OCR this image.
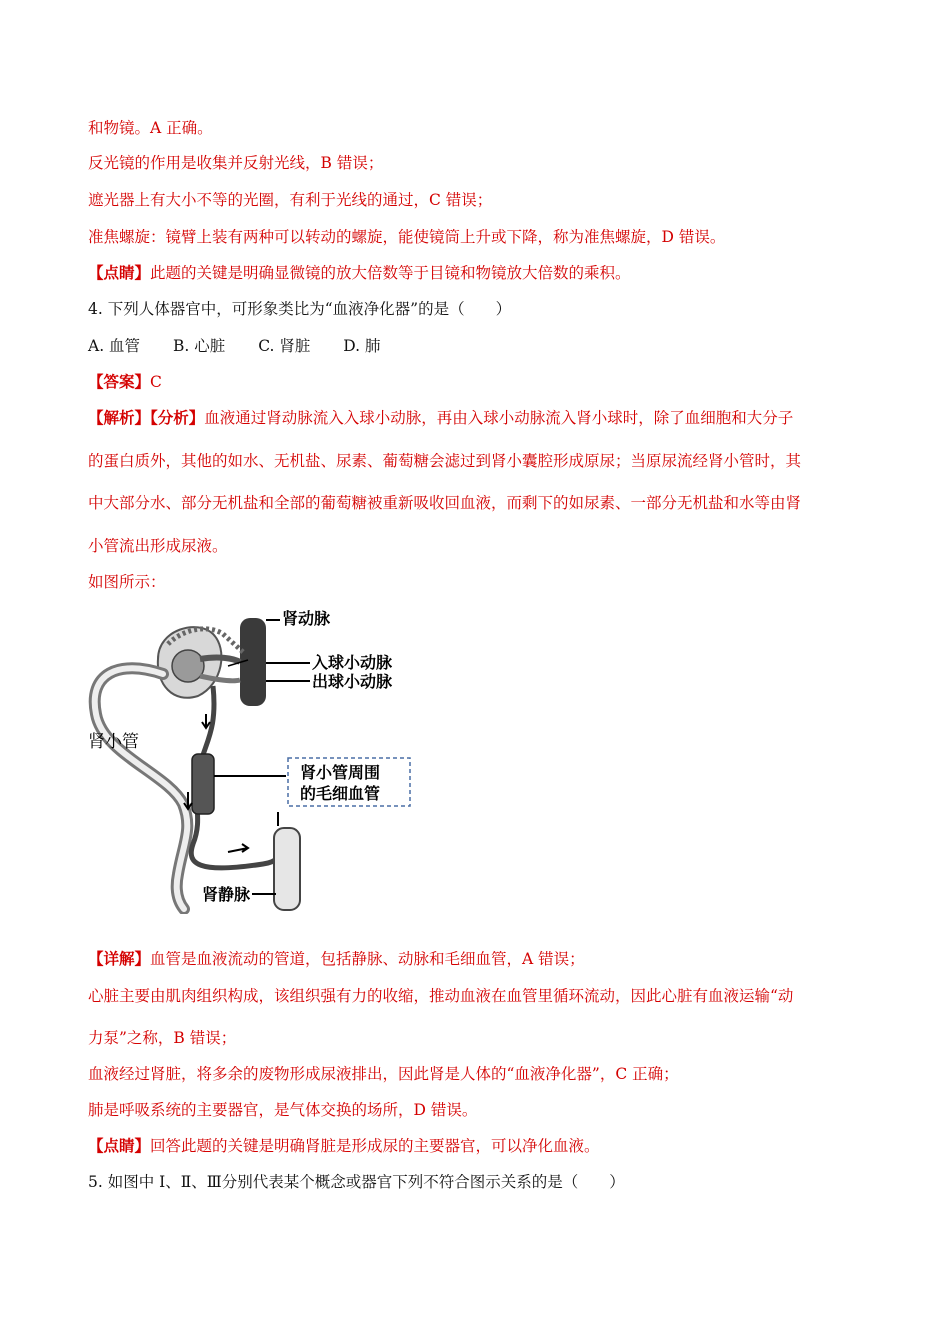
和物镜。A 正确。
反光镜的作用是收集并反射光线，B 错误；
遮光器上有大小不等的光圈，有利于光线的通过，C 错误；
准焦螺旋：镜臂上装有两种可以转动的螺旋，能使镜筒上升或下降，称为准焦螺旋，D 错误。
【点睛】此题的关键是明确显微镜的放大倍数等于目镜和物镜放大倍数的乘积。
4. 下列人体器官中，可形象类比为“血液净化器”的是（　　）
A. 血管 B. 心脏 C. 肾脏 D. 肺
【答案】C
【解析】【分析】血液通过肾动脉流入入球小动脉，再由入球小动脉流入肾小球时，除了血细胞和大分子
的蛋白质外，其他的如水、无机盐、尿素、葡萄糖会滤过到肾小囊腔形成原尿；当原尿流经肾小管时，其
中大部分水、部分无机盐和全部的葡萄糖被重新吸收回血液，而剩下的如尿素、一部分无机盐和水等由肾
小管流出形成尿液。
如图所示：
肾动脉
入球小动脉
出球小动脉
肾小管
肾小管周围
的毛细血管
肾静脉
【详解】血管是血液流动的管道，包括静脉、动脉和毛细血管，A 错误；
心脏主要由肌肉组织构成，该组织强有力的收缩，推动血液在血管里循环流动，因此心脏有血液运输“动
力泵”之称，B 错误；
血液经过肾脏，将多余的废物形成尿液排出，因此肾是人体的“血液净化器”，C 正确；
肺是呼吸系统的主要器官，是气体交换的场所，D 错误。
【点睛】回答此题的关键是明确肾脏是形成尿的主要器官，可以净化血液。
5. 如图中 I、Ⅱ、Ⅲ分别代表某个概念或器官下列不符合图示关系的是（　　）
